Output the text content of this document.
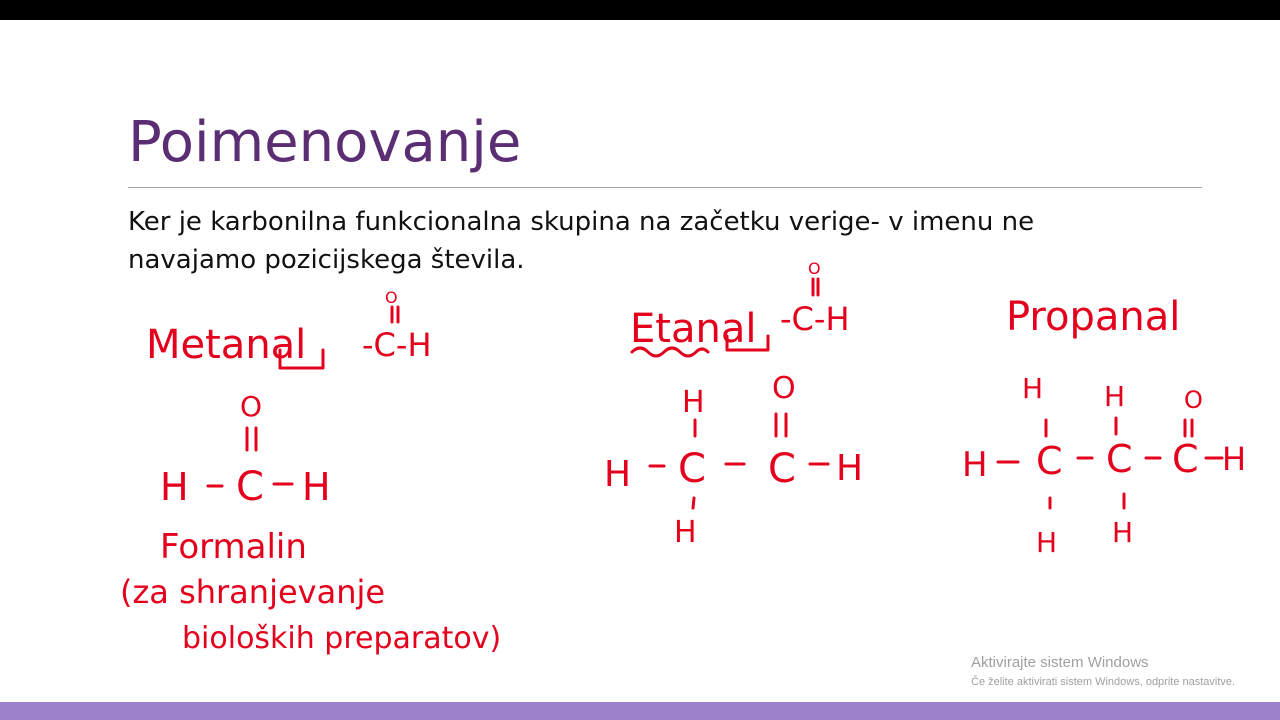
Poimenovanje
Ker je karbonilna funkcionalna skupina na začetku verige- v imenu ne
navajamo pozicijskega števila.
Metanal -C-H
O
O
H C H
Formalin
(za shranjevanje
bioloških preparatov)
Etanal -C-H
O
H O
H C C H
H
Propanal
H H O
H C C C H
H H

Aktivirajte sistem Windows

Če želite aktivirati sistem Windows, odprite nastavitve.
